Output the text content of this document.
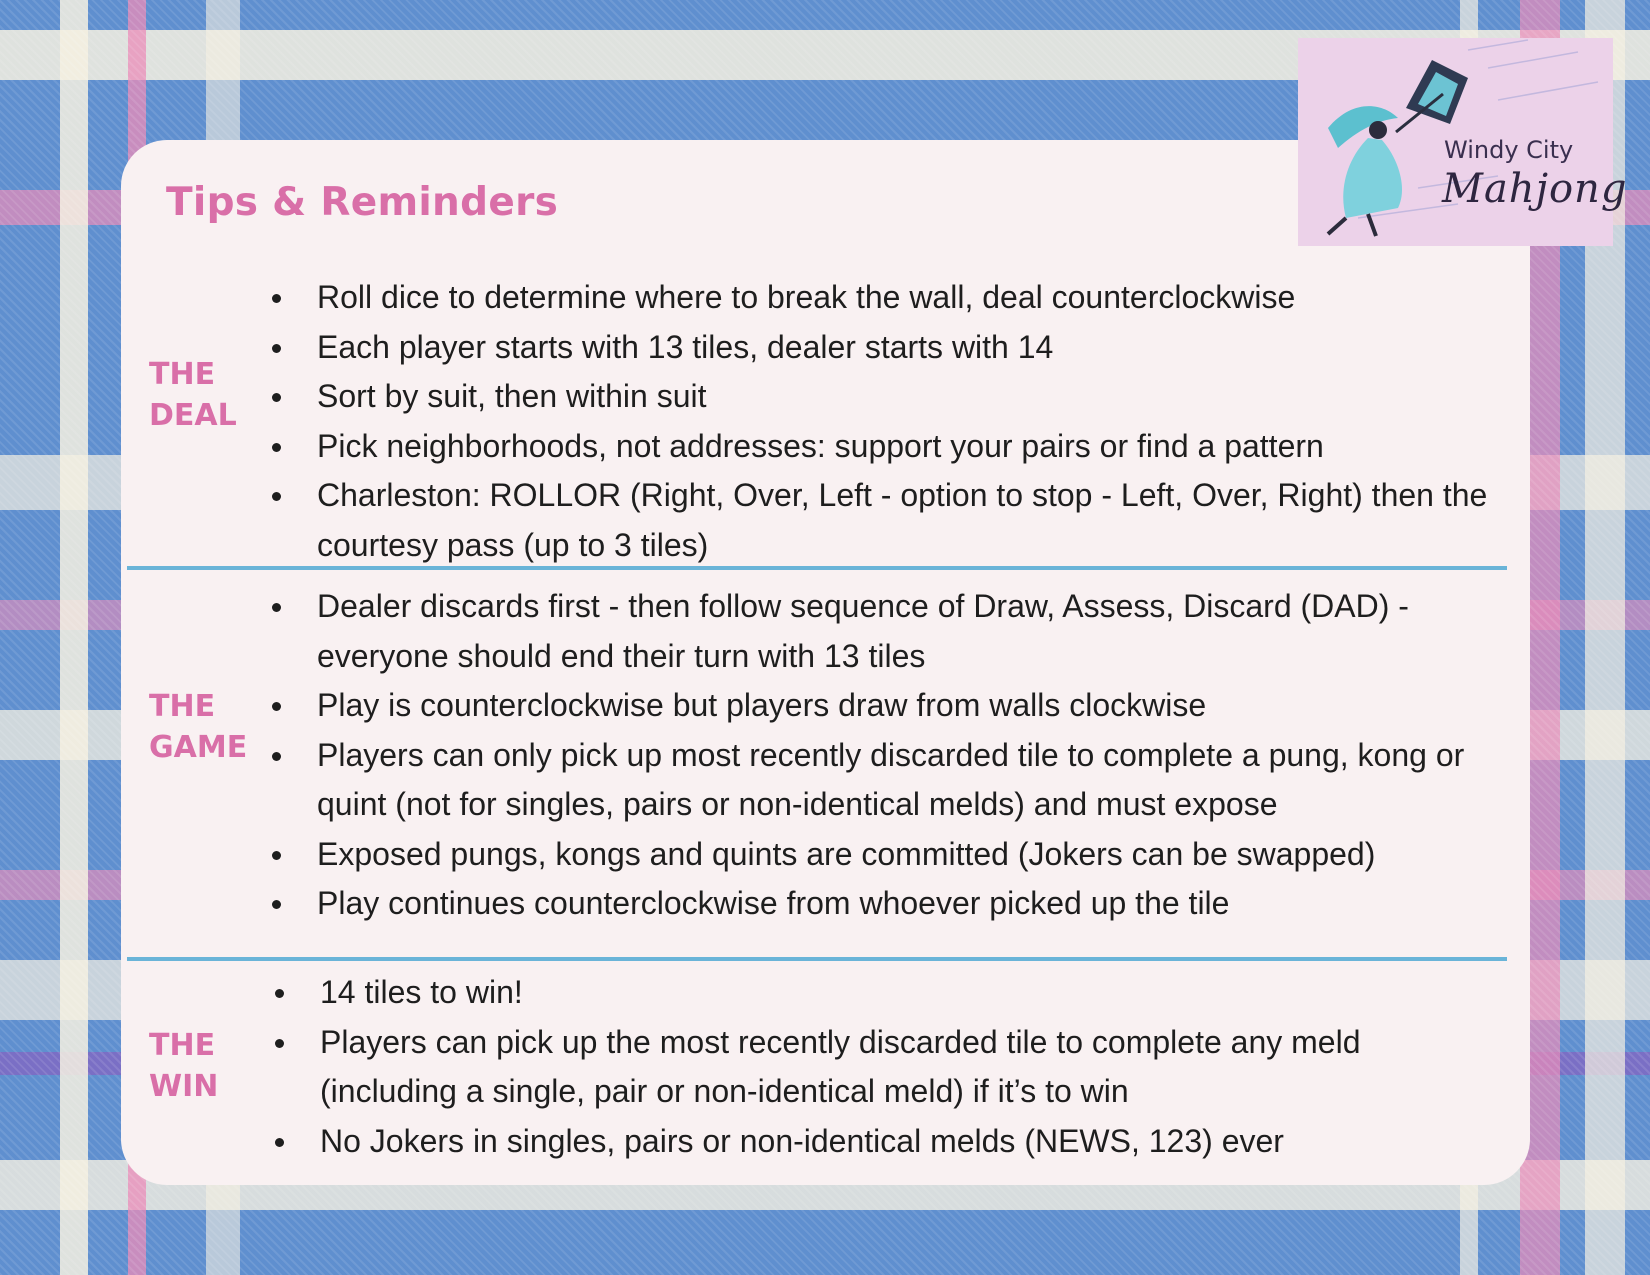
Tips & Reminders
Windy City
Mahjong
THE
DEAL
Roll dice to determine where to break the wall, deal counterclockwise
Each player starts with 13 tiles, dealer starts with 14
Sort by suit, then within suit
Pick neighborhoods, not addresses: support your pairs or find a pattern
Charleston: ROLLOR (Right, Over, Left - option to stop - Left, Over, Right) then the courtesy pass (up to 3 tiles)
THE
GAME
Dealer discards first - then follow sequence of Draw, Assess, Discard (DAD) - everyone should end their turn with 13 tiles
Play is counterclockwise but players draw from walls clockwise
Players can only pick up most recently discarded tile to complete a pung, kong or quint (not for singles, pairs or non-identical melds) and must expose
Exposed pungs, kongs and quints are committed (Jokers can be swapped)
Play continues counterclockwise from whoever picked up the tile
THE
WIN
14 tiles to win!
Players can pick up the most recently discarded tile to complete any meld (including a single, pair or non-identical meld) if it’s to win
No Jokers in singles, pairs or non-identical melds (NEWS, 123) ever
